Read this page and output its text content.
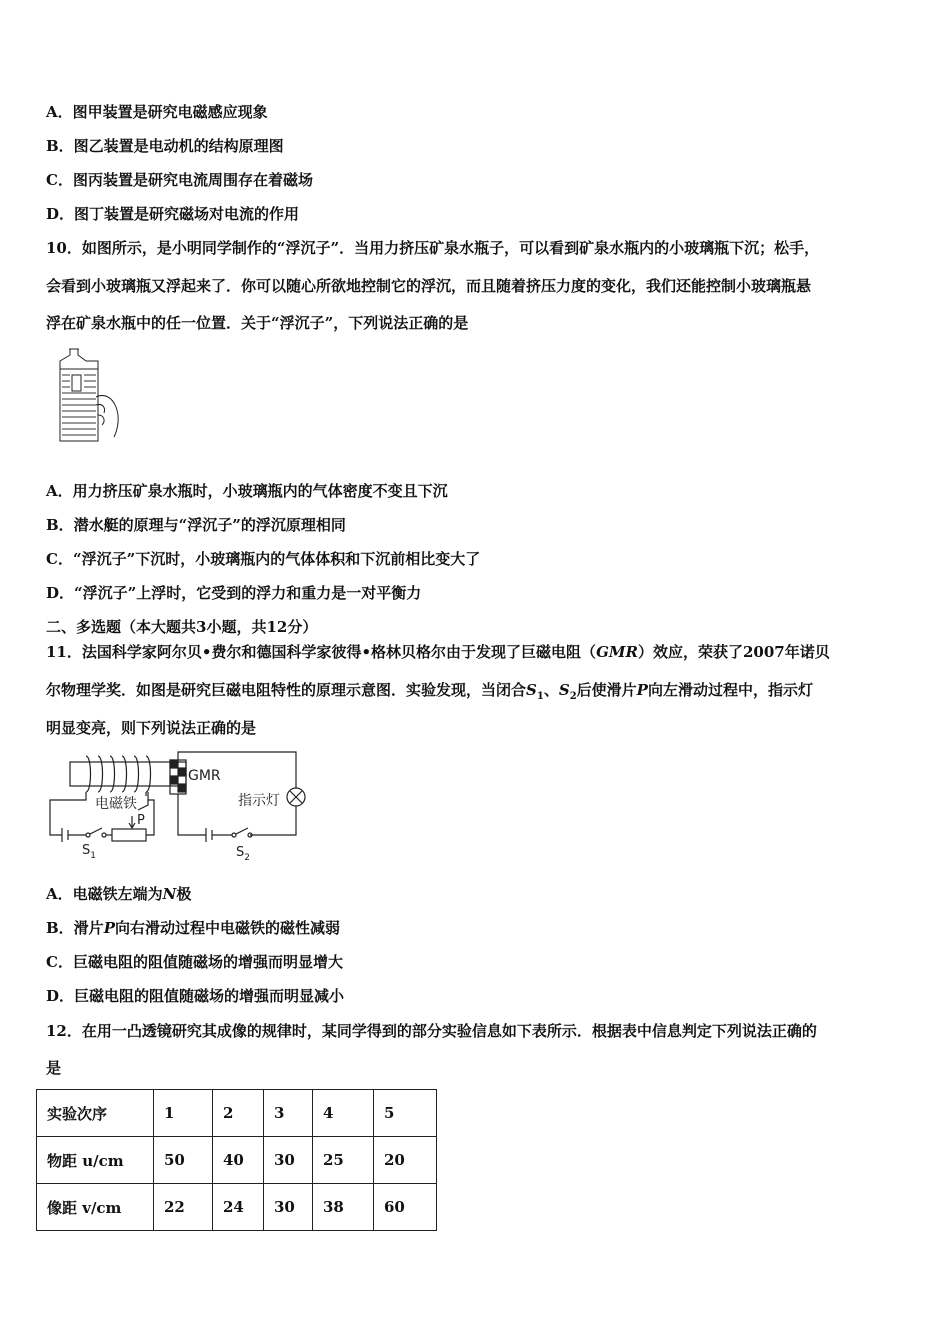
A．图甲装置是研究电磁感应现象
B．图乙装置是电动机的结构原理图
C．图丙装置是研究电流周围存在着磁场
D．图丁装置是研究磁场对电流的作用
10．如图所示，是小明同学制作的“浮沉子”．当用力挤压矿泉水瓶子，可以看到矿泉水瓶内的小玻璃瓶下沉；松手，
会看到小玻璃瓶又浮起来了．你可以随心所欲地控制它的浮沉，而且随着挤压力度的变化，我们还能控制小玻璃瓶悬
浮在矿泉水瓶中的任一位置．关于“浮沉子”，下列说法正确的是
A．用力挤压矿泉水瓶时，小玻璃瓶内的气体密度不变且下沉
B．潜水艇的原理与“浮沉子”的浮沉原理相同
C．“浮沉子”下沉时，小玻璃瓶内的气体体积和下沉前相比变大了
D．“浮沉子”上浮时，它受到的浮力和重力是一对平衡力
二、多选题（本大题共3小题，共12分）
11．法国科学家阿尔贝•费尔和德国科学家彼得•格林贝格尔由于发现了巨磁电阻（GMR）效应，荣获了2007年诺贝
尔物理学奖．如图是研究巨磁电阻特性的原理示意图．实验发现，当闭合$S_1$、$S_2$后使滑片P向左滑动过程中，指示灯
明显变亮，则下列说法正确的是
GMR
电磁铁	指示灯
P
$S_1$	$S_2$
A．电磁铁左端为N极
B．滑片P向右滑动过程中电磁铁的磁性减弱
C．巨磁电阻的阻值随磁场的增强而明显增大
D．巨磁电阻的阻值随磁场的增强而明显减小
12．在用一凸透镜研究其成像的规律时，某同学得到的部分实验信息如下表所示．根据表中信息判定下列说法正确的
是
实验次序	1	2	3	4	5
物距 u/cm	50	40	30	25	20
像距 v/cm	22	24	30	38	60
